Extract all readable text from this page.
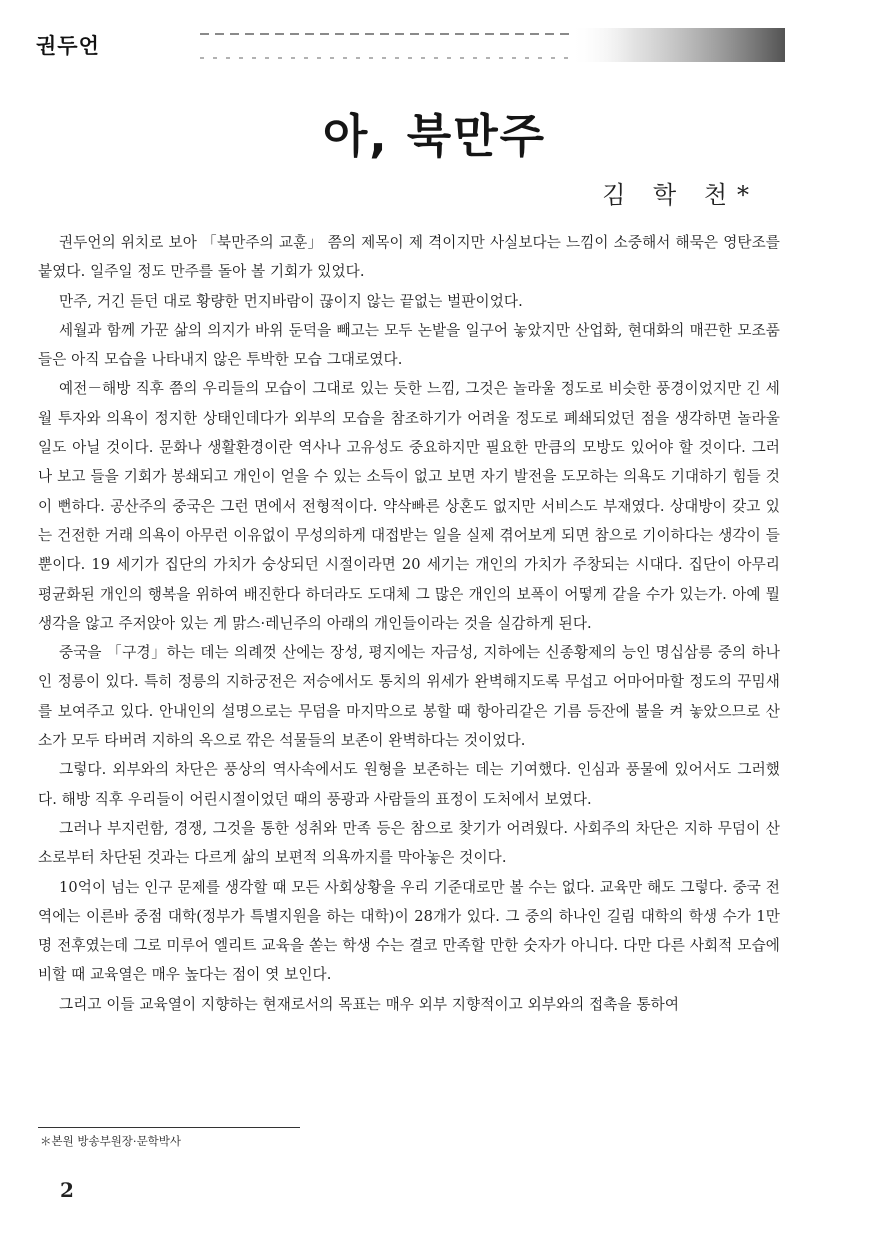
권두언
아, 북만주
김 학 천*

권두언의 위치로 보아 「북만주의 교훈」 쯤의 제목이 제 격이지만 사실보다는 느낌이 소중해서 해묵은 영탄조를 붙였다. 일주일 정도 만주를 돌아 볼 기회가 있었다.

만주, 거긴 듣던 대로 황량한 먼지바람이 끊이지 않는 끝없는 벌판이었다.

세월과 함께 가꾼 삶의 의지가 바위 둔덕을 빼고는 모두 논밭을 일구어 놓았지만 산업화, 현대화의 매끈한 모조품들은 아직 모습을 나타내지 않은 투박한 모습 그대로였다.

예전－해방 직후 쯤의 우리들의 모습이 그대로 있는 듯한 느낌, 그것은 놀라울 정도로 비슷한 풍경이었지만 긴 세월 투자와 의욕이 정지한 상태인데다가 외부의 모습을 참조하기가 어려울 정도로 폐쇄되었던 점을 생각하면 놀라울 일도 아닐 것이다. 문화나 생활환경이란 역사나 고유성도 중요하지만 필요한 만큼의 모방도 있어야 할 것이다. 그러나 보고 들을 기회가 봉쇄되고 개인이 얻을 수 있는 소득이 없고 보면 자기 발전을 도모하는 의욕도 기대하기 힘들 것이 뻔하다. 공산주의 중국은 그런 면에서 전형적이다. 약삭빠른 상혼도 없지만 서비스도 부재였다. 상대방이 갖고 있는 건전한 거래 의욕이 아무런 이유없이 무성의하게 대접받는 일을 실제 겪어보게 되면 참으로 기이하다는 생각이 들 뿐이다. 19 세기가 집단의 가치가 숭상되던 시절이라면 20 세기는 개인의 가치가 주창되는 시대다. 집단이 아무리 평균화된 개인의 행복을 위하여 배진한다 하더라도 도대체 그 많은 개인의 보폭이 어떻게 같을 수가 있는가. 아예 뭘 생각을 않고 주저앉아 있는 게 맑스·레닌주의 아래의 개인들이라는 것을 실감하게 된다.

중국을 「구경」하는 데는 의례껏 산에는 장성, 평지에는 자금성, 지하에는 신종황제의 능인 명십삼릉 중의 하나인 정릉이 있다. 특히 정릉의 지하궁전은 저승에서도 통치의 위세가 완벽해지도록 무섭고 어마어마할 정도의 꾸밈새를 보여주고 있다. 안내인의 설명으로는 무덤을 마지막으로 봉할 때 항아리같은 기름 등잔에 불을 켜 놓았으므로 산소가 모두 타버려 지하의 옥으로 깎은 석물들의 보존이 완벽하다는 것이었다.

그렇다. 외부와의 차단은 풍상의 역사속에서도 원형을 보존하는 데는 기여했다. 인심과 풍물에 있어서도 그러했다. 해방 직후 우리들이 어린시절이었던 때의 풍광과 사람들의 표정이 도처에서 보였다.

그러나 부지런함, 경쟁, 그것을 통한 성취와 만족 등은 참으로 찾기가 어려웠다. 사회주의 차단은 지하 무덤이 산소로부터 차단된 것과는 다르게 삶의 보편적 의욕까지를 막아놓은 것이다.

10억이 넘는 인구 문제를 생각할 때 모든 사회상황을 우리 기준대로만 볼 수는 없다. 교육만 해도 그렇다. 중국 전역에는 이른바 중점 대학(정부가 특별지원을 하는 대학)이 28개가 있다. 그 중의 하나인 길림 대학의 학생 수가 1만명 전후였는데 그로 미루어 엘리트 교육을 쏟는 학생 수는 결코 만족할 만한 숫자가 아니다. 다만 다른 사회적 모습에 비할 때 교육열은 매우 높다는 점이 엿 보인다.

그리고 이들 교육열이 지향하는 현재로서의 목표는 매우 외부 지향적이고 외부와의 접촉을 통하여

＊본원 방송부원장·문학박사
2
